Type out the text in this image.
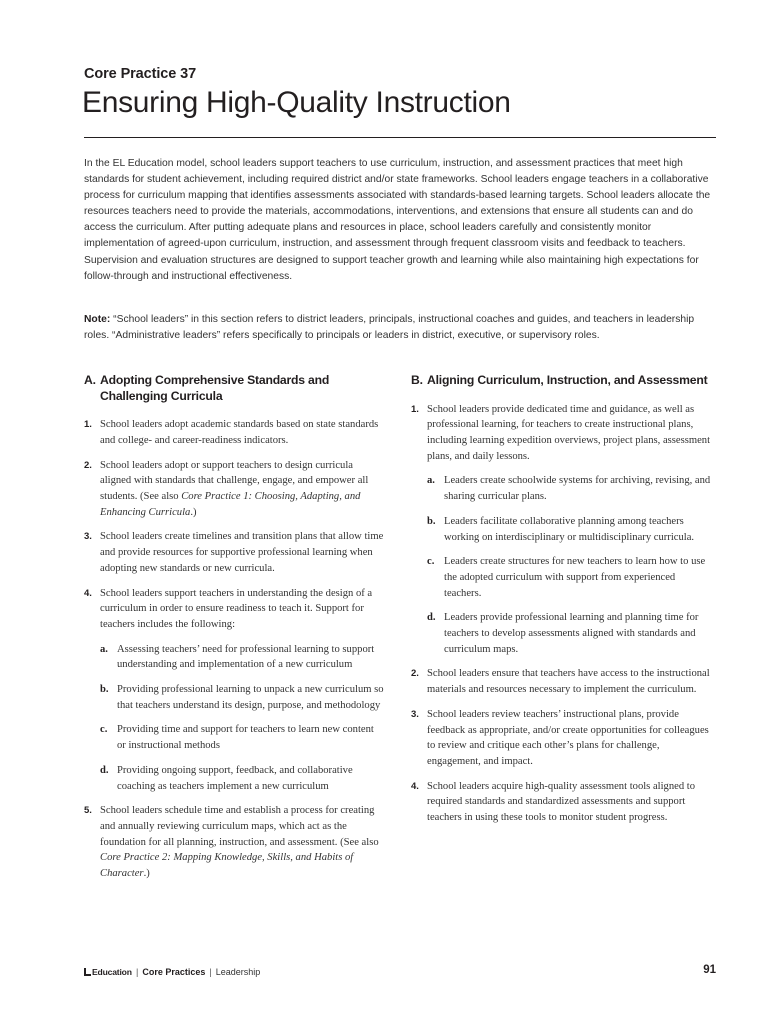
Core Practice 37
Ensuring High-Quality Instruction

In the EL Education model, school leaders support teachers to use curriculum, instruction, and assessment practices that meet high standards for student achievement, including required district and/or state frameworks. School leaders engage teachers in a collaborative process for curriculum mapping that identifies assessments associated with standards-based learning targets. School leaders allocate the resources teachers need to provide the materials, accommodations, interventions, and extensions that ensure all students can and do access the curriculum. After putting adequate plans and resources in place, school leaders carefully and consistently monitor implementation of agreed-upon curriculum, instruction, and assessment through frequent classroom visits and feedback to teachers. Supervision and evaluation structures are designed to support teacher growth and learning while also maintaining high expectations for follow-through and instructional effectiveness.

Note: “School leaders” in this section refers to district leaders, principals, instructional coaches and guides, and teachers in leadership roles. “Administrative leaders” refers specifically to principals or leaders in district, executive, or supervisory roles.

A. Adopting Comprehensive Standards and Challenging Curricula
1. School leaders adopt academic standards based on state standards and college- and career-readiness indicators.
2. School leaders adopt or support teachers to design curricula aligned with standards that challenge, engage, and empower all students. (See also Core Practice 1: Choosing, Adapting, and Enhancing Curricula.)
3. School leaders create timelines and transition plans that allow time and provide resources for supportive professional learning when adopting new standards or new curricula.
4. School leaders support teachers in understanding the design of a curriculum in order to ensure readiness to teach it. Support for teachers includes the following:
a. Assessing teachers’ need for professional learning to support understanding and implementation of a new curriculum
b. Providing professional learning to unpack a new curriculum so that teachers understand its design, purpose, and methodology
c. Providing time and support for teachers to learn new content or instructional methods
d. Providing ongoing support, feedback, and collaborative coaching as teachers implement a new curriculum
5. School leaders schedule time and establish a process for creating and annually reviewing curriculum maps, which act as the foundation for all planning, instruction, and assessment. (See also Core Practice 2: Mapping Knowledge, Skills, and Habits of Character.)
B. Aligning Curriculum, Instruction, and Assessment
1. School leaders provide dedicated time and guidance, as well as professional learning, for teachers to create instructional plans, including learning expedition overviews, project plans, assessment plans, and daily lessons.
a. Leaders create schoolwide systems for archiving, revising, and sharing curricular plans.
b. Leaders facilitate collaborative planning among teachers working on interdisciplinary or multidisciplinary curricula.
c. Leaders create structures for new teachers to learn how to use the adopted curriculum with support from experienced teachers.
d. Leaders provide professional learning and planning time for teachers to develop assessments aligned with standards and curriculum maps.
2. School leaders ensure that teachers have access to the instructional materials and resources necessary to implement the curriculum.
3. School leaders review teachers’ instructional plans, provide feedback as appropriate, and/or create opportunities for colleagues to review and critique each other’s plans for challenge, engagement, and impact.
4. School leaders acquire high-quality assessment tools aligned to required standards and standardized assessments and support teachers in using these tools to monitor student progress.
Education | Core Practices | Leadership	91
